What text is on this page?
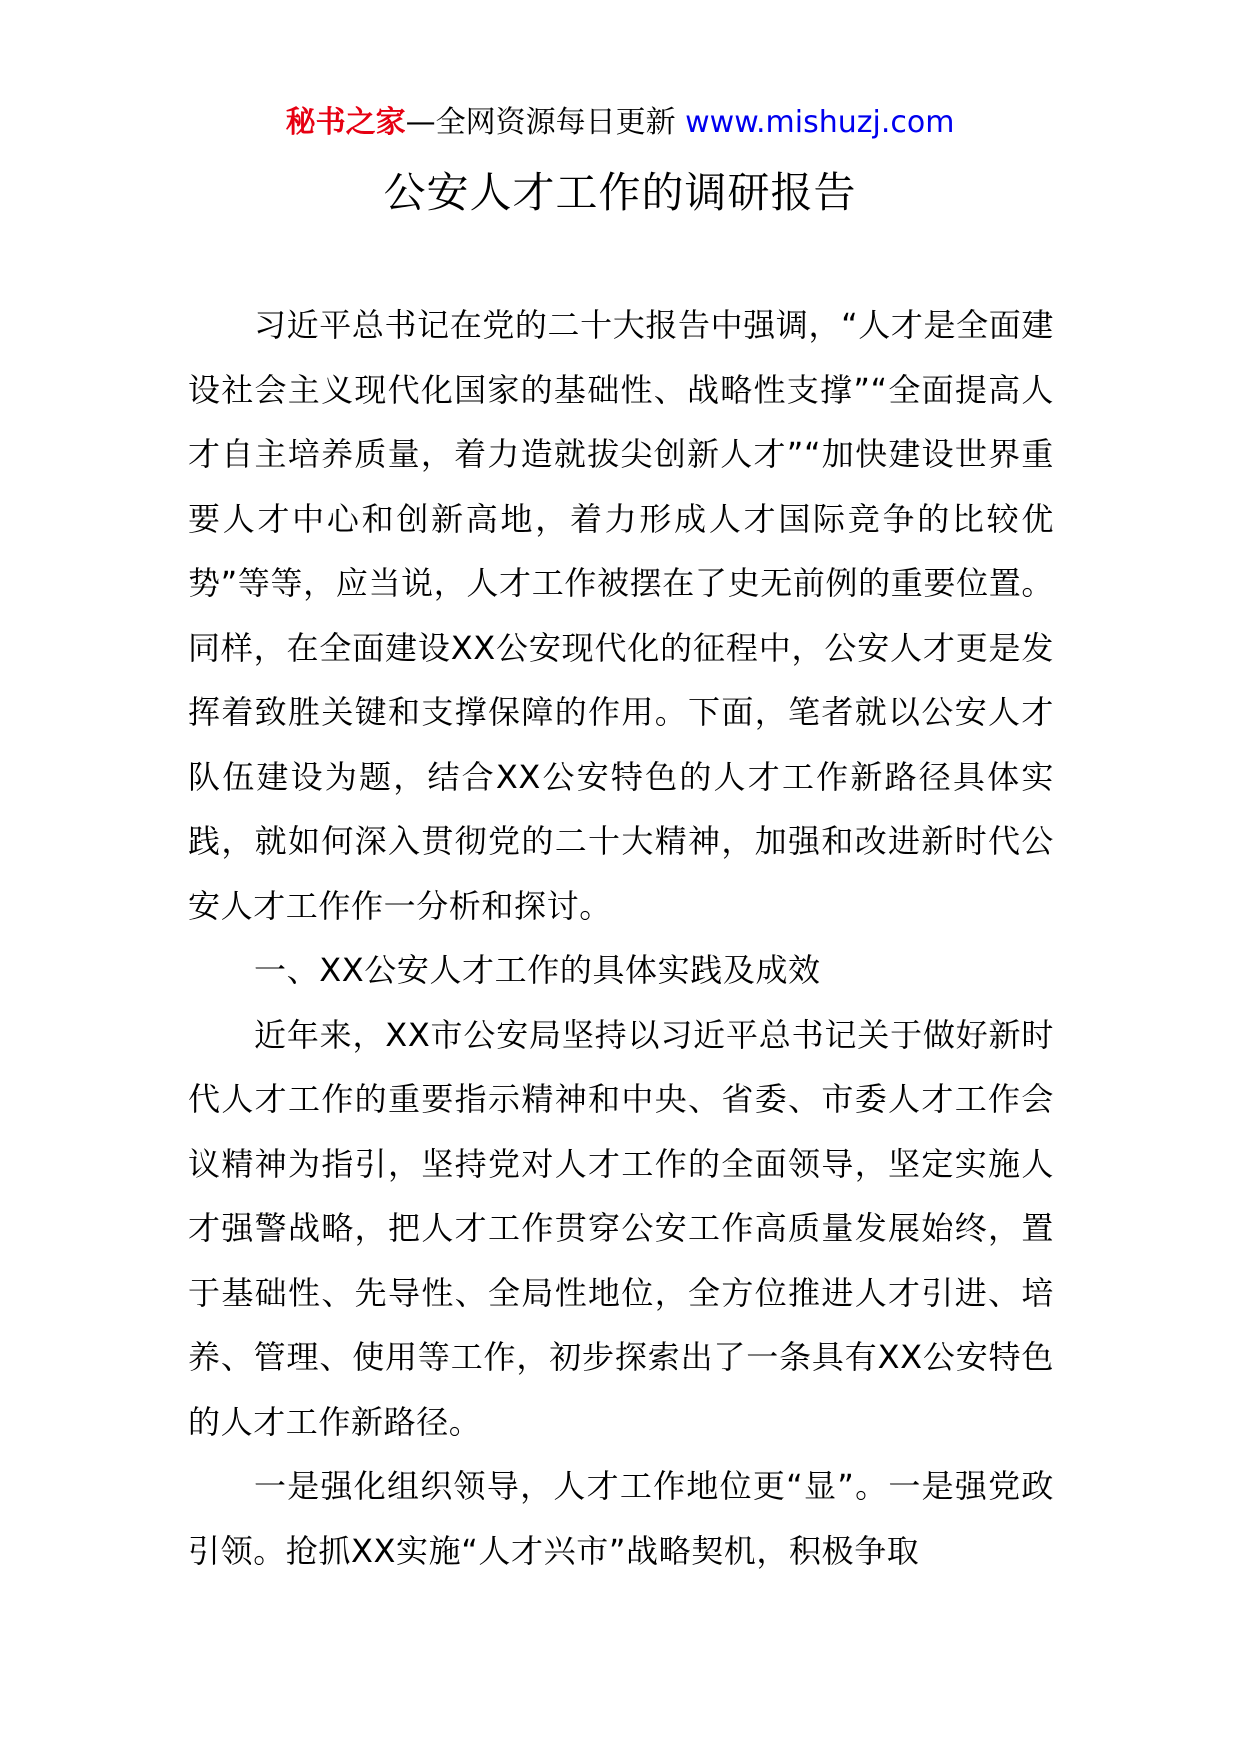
秘书之家—全网资源每日更新 www.mishuzj.com
公安人才工作的调研报告

习近平总书记在党的二十大报告中强调，“人才是全面建设社会主义现代化国家的基础性、战略性支撑”“全面提高人才自主培养质量，着力造就拔尖创新人才”“加快建设世界重要人才中心和创新高地，着力形成人才国际竞争的比较优势”等等，应当说，人才工作被摆在了史无前例的重要位置。同样，在全面建设XX公安现代化的征程中，公安人才更是发挥着致胜关键和支撑保障的作用。下面，笔者就以公安人才队伍建设为题，结合XX公安特色的人才工作新路径具体实践，就如何深入贯彻党的二十大精神，加强和改进新时代公安人才工作作一分析和探讨。

一、XX公安人才工作的具体实践及成效

近年来，XX市公安局坚持以习近平总书记关于做好新时代人才工作的重要指示精神和中央、省委、市委人才工作会议精神为指引，坚持党对人才工作的全面领导，坚定实施人才强警战略，把人才工作贯穿公安工作高质量发展始终，置于基础性、先导性、全局性地位，全方位推进人才引进、培养、管理、使用等工作，初步探索出了一条具有XX公安特色的人才工作新路径。

一是强化组织领导，人才工作地位更“显”。一是强党政引领。抢抓XX实施“人才兴市”战略契机，积极争取
